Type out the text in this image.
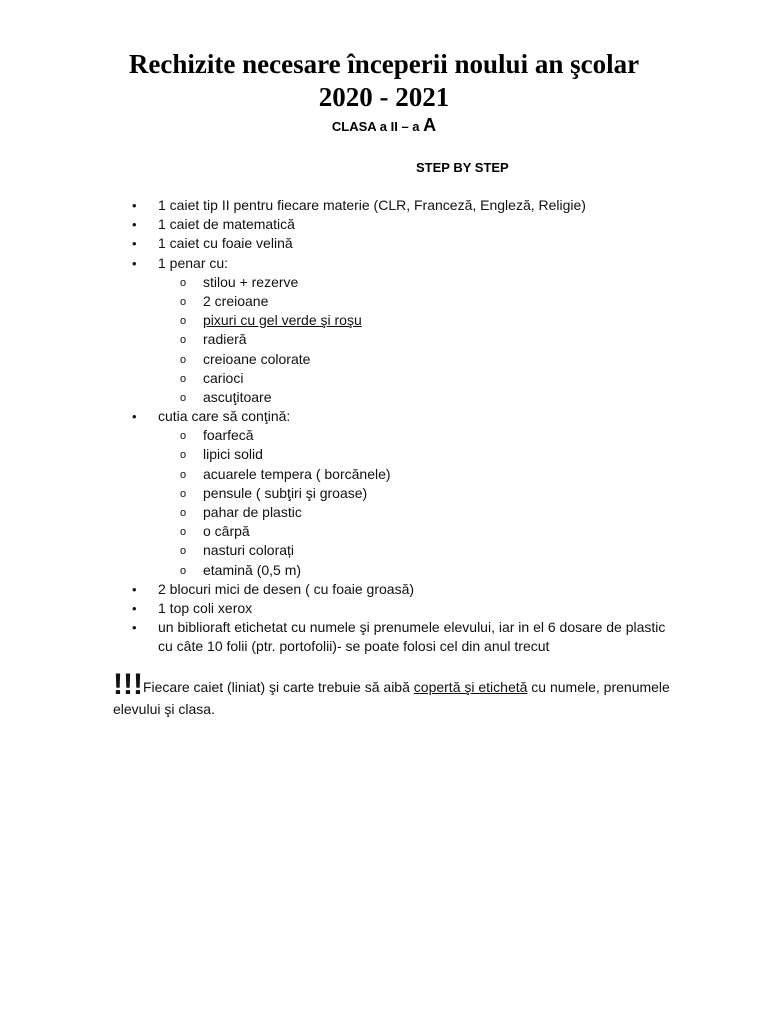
Rechizite necesare începerii noului an şcolar
2020 - 2021
CLASA a II – a A
STEP BY STEP
• 1 caiet tip II pentru fiecare materie (CLR, Franceză, Engleză, Religie)
• 1 caiet de matematică
• 1 caiet cu foaie velină
• 1 penar cu:
o stilou + rezerve
o 2 creioane
o pixuri cu gel verde şi roşu
o radieră
o creioane colorate
o carioci
o ascuţitoare
• cutia care să conţină:
o foarfecă
o lipici solid
o acuarele tempera ( borcănele)
o pensule ( subţiri şi groase)
o pahar de plastic
o o cârpă
o nasturi colorați
o etamină (0,5 m)
• 2 blocuri mici de desen ( cu foaie groasă)
• 1 top coli xerox
• un biblioraft etichetat cu numele şi prenumele elevului, iar in el 6 dosare de plastic cu câte 10 folii (ptr. portofolii)- se poate folosi cel din anul trecut
!!!Fiecare caiet (liniat) şi carte trebuie să aibă copertă şi etichetă cu numele, prenumele elevului şi clasa.
